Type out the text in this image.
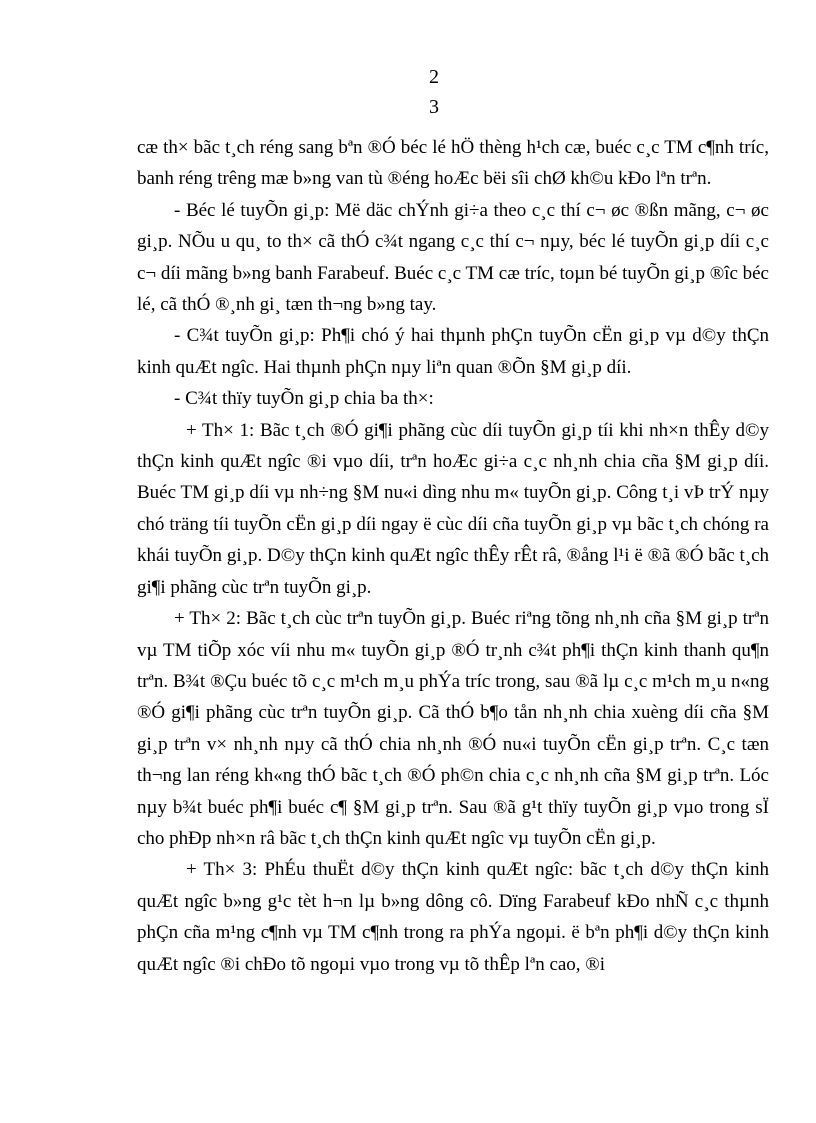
2
3

cæ th× bãc t¸ch réng sang bªn ®Ó béc lé hÖ thèng h¹ch cæ, buéc c¸c TM c¶nh tríc, banh réng trêng mæ b»ng van tù ®éng hoÆc bëi sîi chØ kh©u kÐo lªn trªn.

- Béc lé tuyÕn gi¸p: Më däc chÝnh gi÷a theo c¸c thí c¬ øc ®ßn mãng, c¬ øc gi¸p. NÕu u qu¸ to th× cã thÓ c¾t ngang c¸c thí c¬ nµy, béc lé tuyÕn gi¸p díi c¸c c¬ díi mãng b»ng banh Farabeuf. Buéc c¸c TM cæ tríc, toµn bé tuyÕn gi¸p ®îc béc lé, cã thÓ ®¸nh gi¸ tæn th¬ng b»ng tay.

- C¾t tuyÕn gi¸p: Ph¶i chó ý hai thµnh phÇn tuyÕn cËn gi¸p vµ d©y thÇn kinh quÆt ngîc. Hai thµnh phÇn nµy liªn quan ®Õn §M gi¸p díi.

- C¾t thïy tuyÕn gi¸p chia ba th×:

+ Th× 1: Bãc t¸ch ®Ó gi¶i phãng cùc díi tuyÕn gi¸p tíi khi nh×n thÊy d©y thÇn kinh quÆt ngîc ®i vµo díi, trªn hoÆc gi÷a c¸c nh¸nh chia cña §M gi¸p díi. Buéc TM gi¸p díi vµ nh÷ng §M nu«i dìng nhu m« tuyÕn gi¸p. Công t¸i vÞ trÝ nµy chó träng tíi tuyÕn cËn gi¸p díi ngay ë cùc díi cña tuyÕn gi¸p vµ bãc t¸ch chóng ra khái tuyÕn gi¸p. D©y thÇn kinh quÆt ngîc thÊy rÊt râ, ®ång l¹i ë ®ã ®Ó bãc t¸ch gi¶i phãng cùc trªn tuyÕn gi¸p.

+ Th× 2: Bãc t¸ch cùc trªn tuyÕn gi¸p. Buéc riªng tõng nh¸nh cña §M gi¸p trªn vµ TM tiÕp xóc víi nhu m« tuyÕn gi¸p ®Ó tr¸nh c¾t ph¶i thÇn kinh thanh qu¶n trªn. B¾t ®Çu buéc tõ c¸c m¹ch m¸u phÝa tríc trong, sau ®ã lµ c¸c m¹ch m¸u n«ng ®Ó gi¶i phãng cùc trªn tuyÕn gi¸p. Cã thÓ b¶o tån nh¸nh chia xuèng díi cña §M gi¸p trªn v× nh¸nh nµy cã thÓ chia nh¸nh ®Ó nu«i tuyÕn cËn gi¸p trªn. C¸c tæn th¬ng lan réng kh«ng thÓ bãc t¸ch ®Ó ph©n chia c¸c nh¸nh cña §M gi¸p trªn. Lóc nµy b¾t buéc ph¶i buéc c¶ §M gi¸p trªn. Sau ®ã g¹t thïy tuyÕn gi¸p vµo trong sÏ cho phÐp nh×n râ bãc t¸ch thÇn kinh quÆt ngîc vµ tuyÕn cËn gi¸p.

+ Th× 3: PhÉu thuËt d©y thÇn kinh quÆt ngîc: bãc t¸ch d©y thÇn kinh quÆt ngîc b»ng g¹c tèt h¬n lµ b»ng dông cô. Dïng Farabeuf kÐo nhÑ c¸c thµnh phÇn cña m¹ng c¶nh vµ TM c¶nh trong ra phÝa ngoµi. ë bªn ph¶i d©y thÇn kinh quÆt ngîc ®i chÐo tõ ngoµi vµo trong vµ tõ thÊp lªn cao, ®i
